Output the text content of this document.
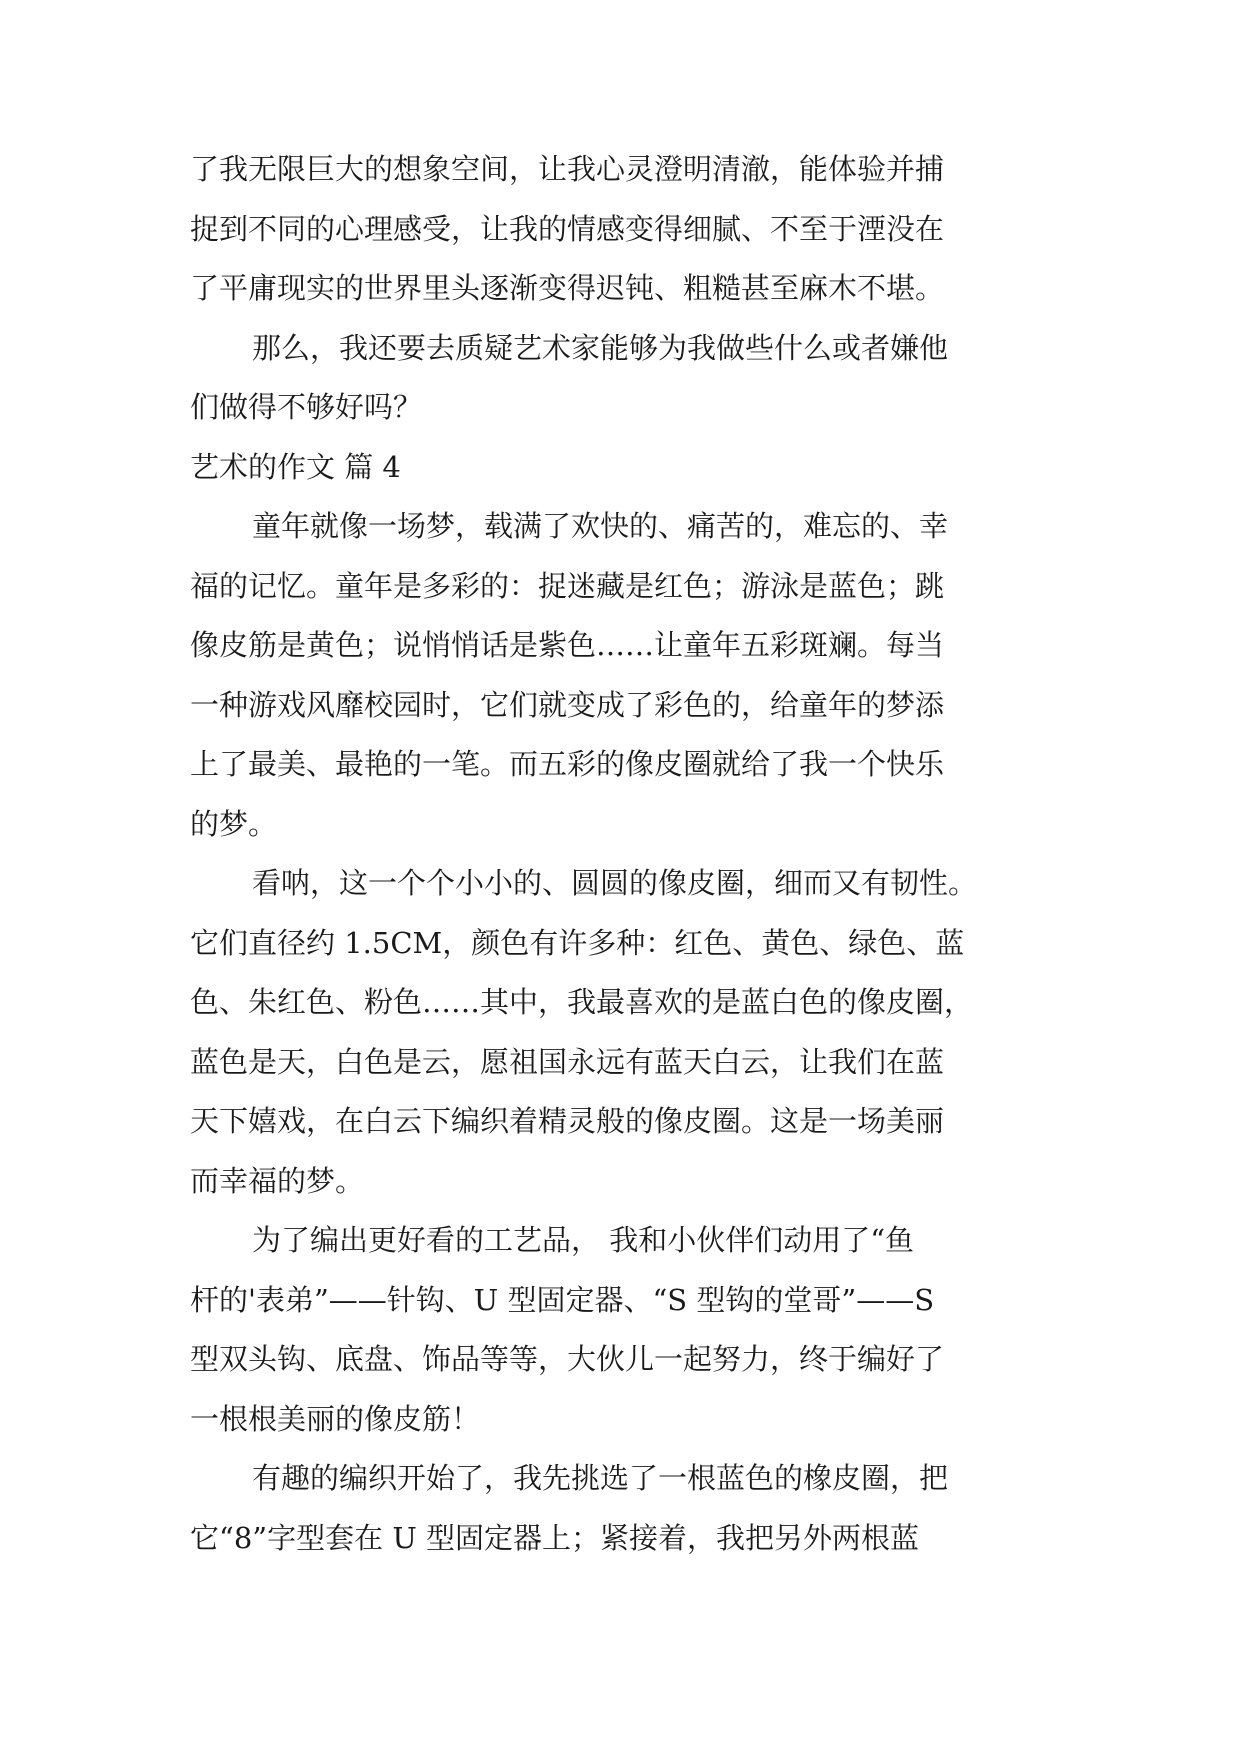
了我无限巨大的想象空间，让我心灵澄明清澈，能体验并捕
捉到不同的心理感受，让我的情感变得细腻、不至于湮没在
了平庸现实的世界里头逐渐变得迟钝、粗糙甚至麻木不堪。
那么，我还要去质疑艺术家能够为我做些什么或者嫌他
们做得不够好吗？
艺术的作文 篇 4
童年就像一场梦，载满了欢快的、痛苦的，难忘的、幸
福的记忆。童年是多彩的：捉迷藏是红色；游泳是蓝色；跳
像皮筋是黄色；说悄悄话是紫色……让童年五彩斑斓。每当
一种游戏风靡校园时，它们就变成了彩色的，给童年的梦添
上了最美、最艳的一笔。而五彩的像皮圈就给了我一个快乐
的梦。
看呐，这一个个小小的、圆圆的像皮圈，细而又有韧性。
它们直径约 1.5CM，颜色有许多种：红色、黄色、绿色、蓝
色、朱红色、粉色……其中，我最喜欢的是蓝白色的像皮圈，
蓝色是天，白色是云，愿祖国永远有蓝天白云，让我们在蓝
天下嬉戏，在白云下编织着精灵般的像皮圈。这是一场美丽
而幸福的梦。
为了编出更好看的工艺品， 我和小伙伴们动用了“鱼
杆的'表弟”——针钩、U 型固定器、“S 型钩的堂哥”——S
型双头钩、底盘、饰品等等，大伙儿一起努力，终于编好了
一根根美丽的像皮筋！
有趣的编织开始了，我先挑选了一根蓝色的橡皮圈，把
它“8”字型套在 U 型固定器上；紧接着，我把另外两根蓝
